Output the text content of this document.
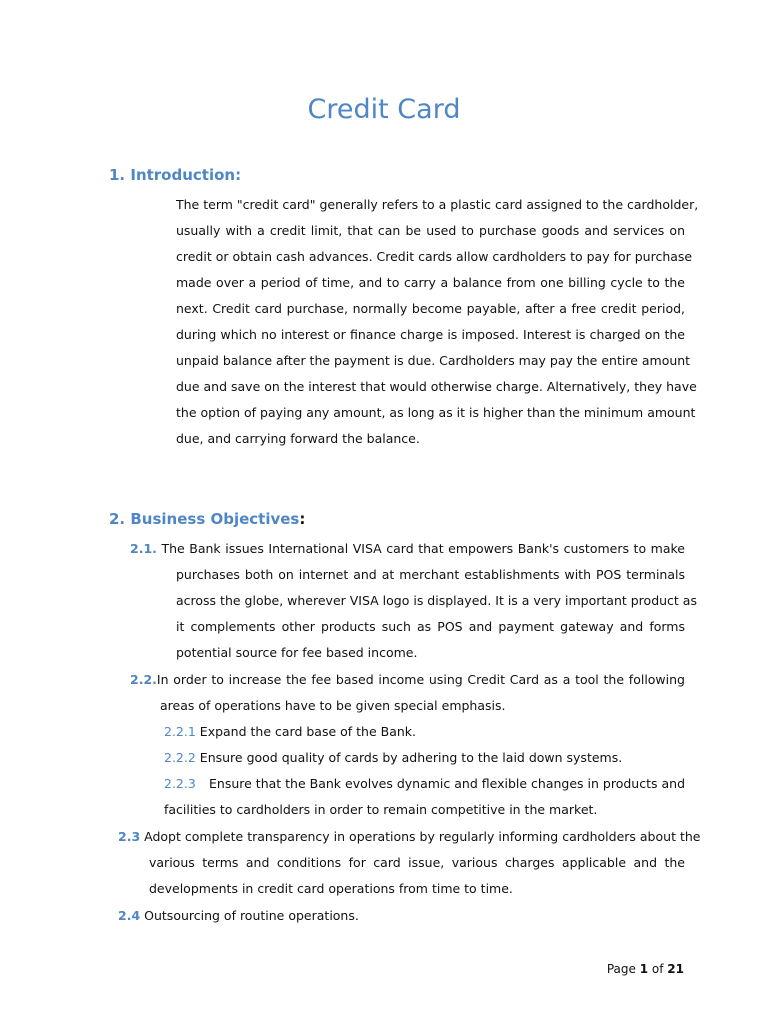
Credit Card
1. Introduction:
The term "credit card" generally refers to a plastic card assigned to the cardholder,
usually with a credit limit, that can be used to purchase goods and services on
credit or obtain cash advances. Credit cards allow cardholders to pay for purchase
made over a period of time, and to carry a balance from one billing cycle to the
next. Credit card purchase, normally become payable, after a free credit period,
during which no interest or finance charge is imposed. Interest is charged on the
unpaid balance after the payment is due. Cardholders may pay the entire amount
due and save on the interest that would otherwise charge. Alternatively, they have
the option of paying any amount, as long as it is higher than the minimum amount
due, and carrying forward the balance.
2. Business Objectives:
2.1. The Bank issues International VISA card that empowers Bank's customers to make
purchases both on internet and at merchant establishments with POS terminals
across the globe, wherever VISA logo is displayed. It is a very important product as
it complements other products such as POS and payment gateway and forms
potential source for fee based income.
2.2.In order to increase the fee based income using Credit Card as a tool the following
areas of operations have to be given special emphasis.
2.2.1 Expand the card base of the Bank.
2.2.2 Ensure good quality of cards by adhering to the laid down systems.
2.2.3 Ensure that the Bank evolves dynamic and flexible changes in products and
facilities to cardholders in order to remain competitive in the market.
2.3 Adopt complete transparency in operations by regularly informing cardholders about the
various terms and conditions for card issue, various charges applicable and the
developments in credit card operations from time to time.
2.4 Outsourcing of routine operations.
Page 1 of 21
